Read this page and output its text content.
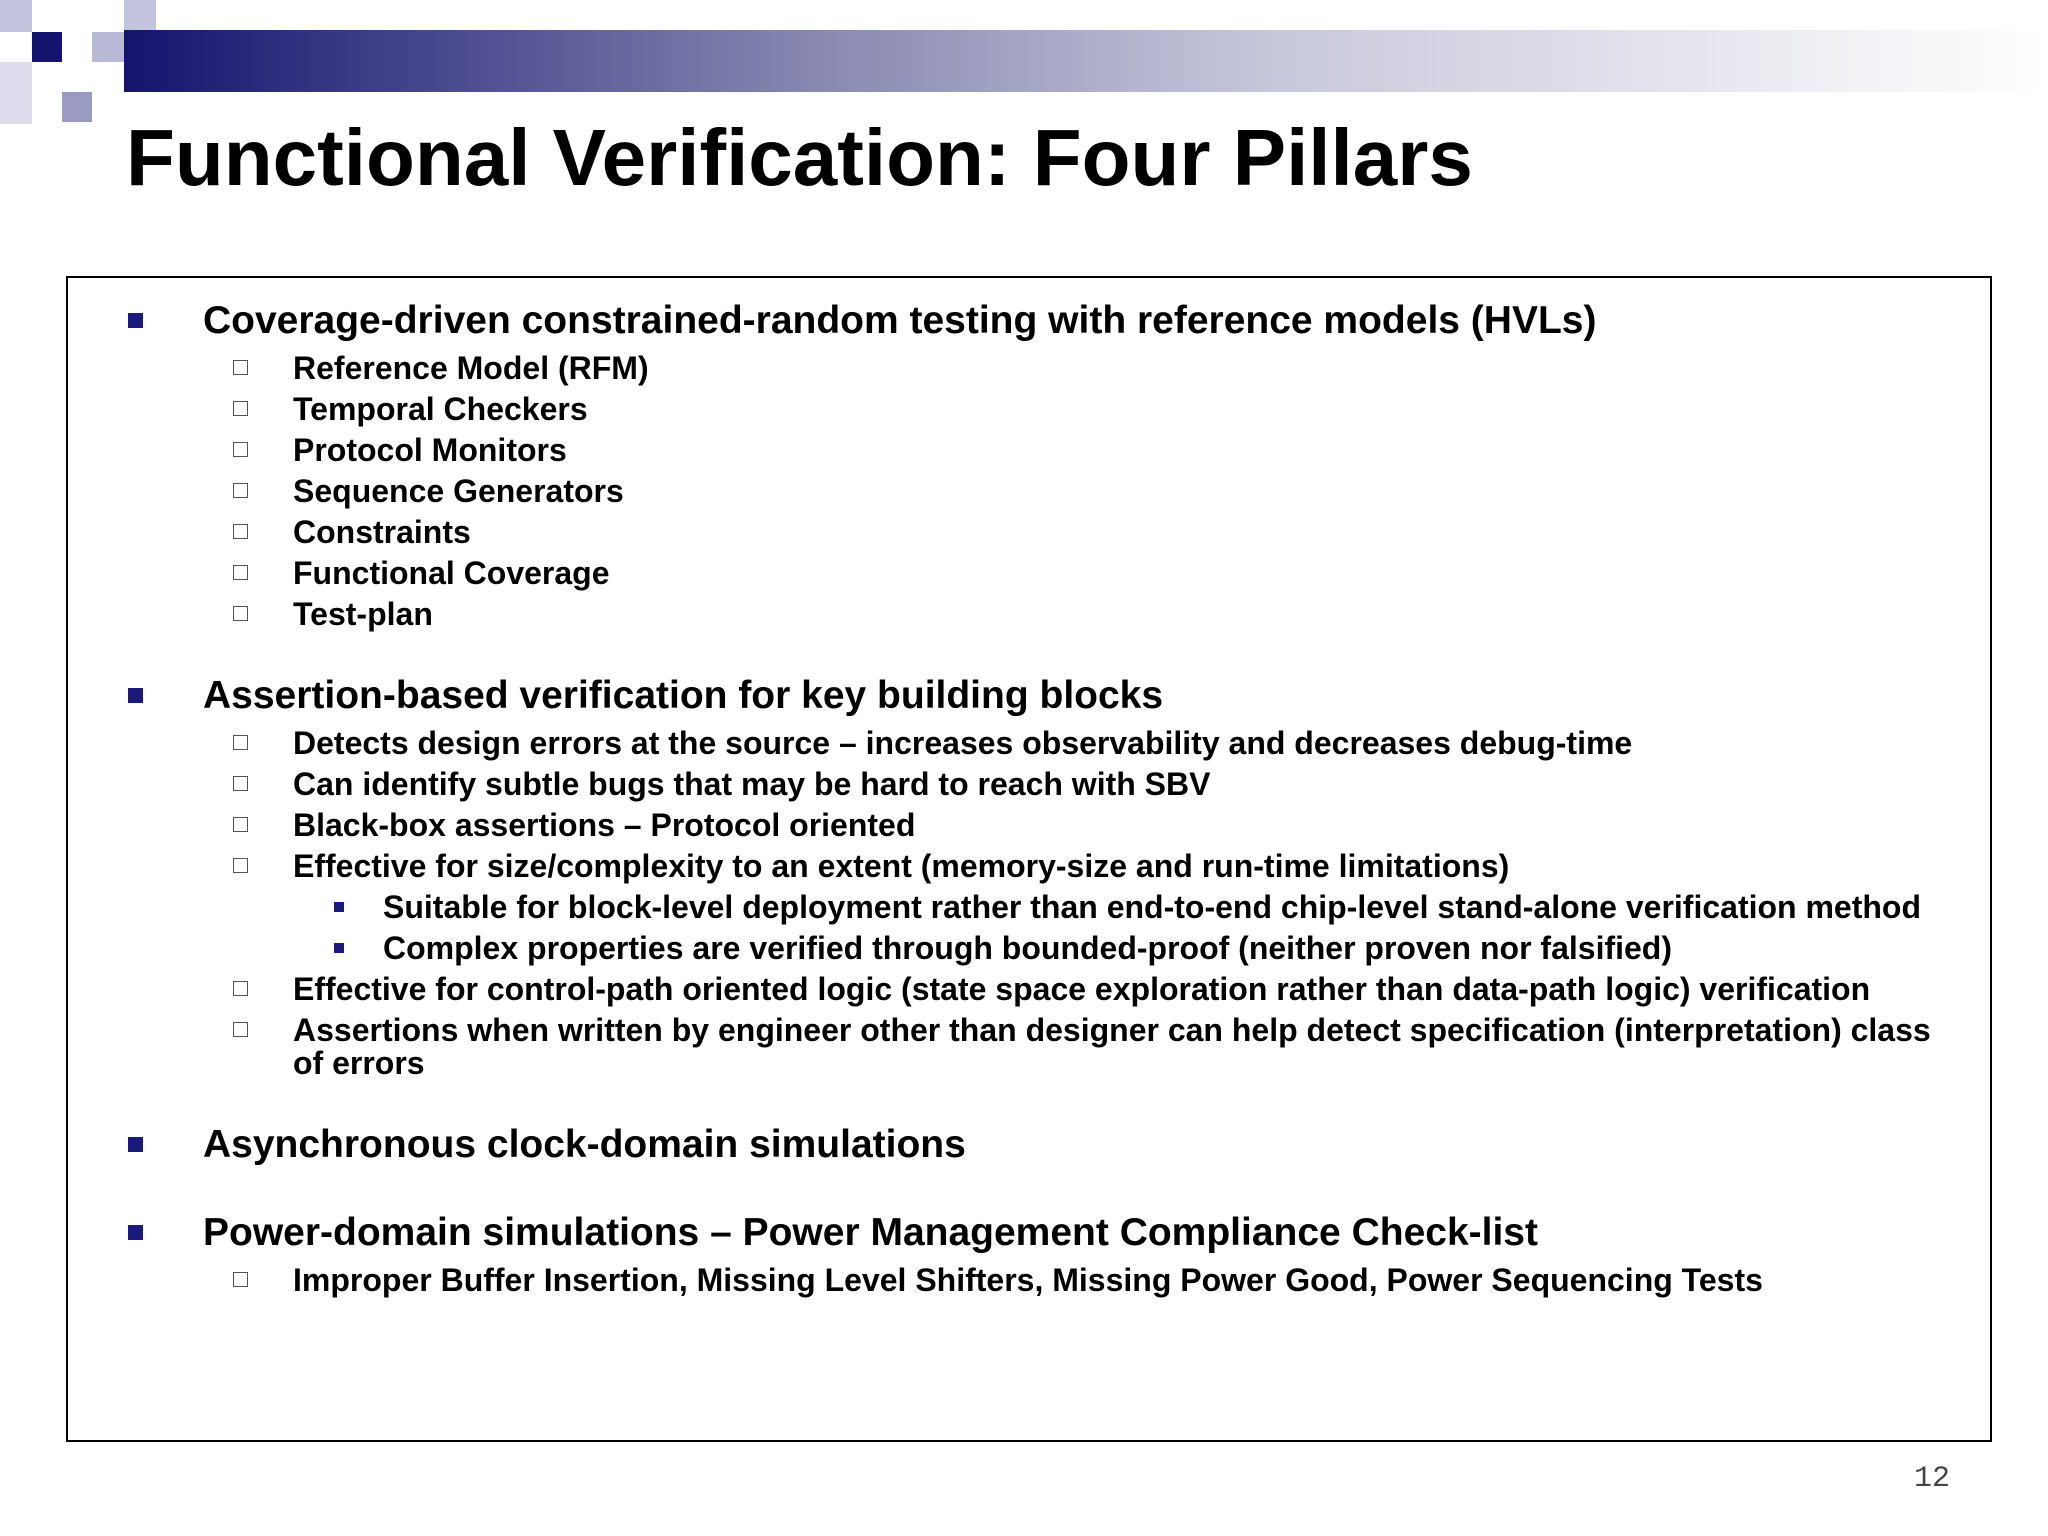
Functional Verification: Four Pillars
Coverage-driven constrained-random testing with reference models (HVLs)
Reference Model (RFM)
Temporal Checkers
Protocol Monitors
Sequence Generators
Constraints
Functional Coverage
Test-plan
Assertion-based verification for key building blocks
Detects design errors at the source – increases observability and decreases debug-time
Can identify subtle bugs that may be hard to reach with SBV
Black-box assertions – Protocol oriented
Effective for size/complexity to an extent (memory-size and run-time limitations)
Suitable for block-level deployment rather than end-to-end chip-level stand-alone verification method
Complex properties are verified through bounded-proof (neither proven nor falsified)
Effective for control-path oriented logic (state space exploration rather than data-path logic) verification
Assertions when written by engineer other than designer can help detect specification (interpretation) class of errors
Asynchronous clock-domain simulations
Power-domain simulations – Power Management Compliance Check-list
Improper Buffer Insertion, Missing Level Shifters, Missing Power Good, Power Sequencing Tests
12
